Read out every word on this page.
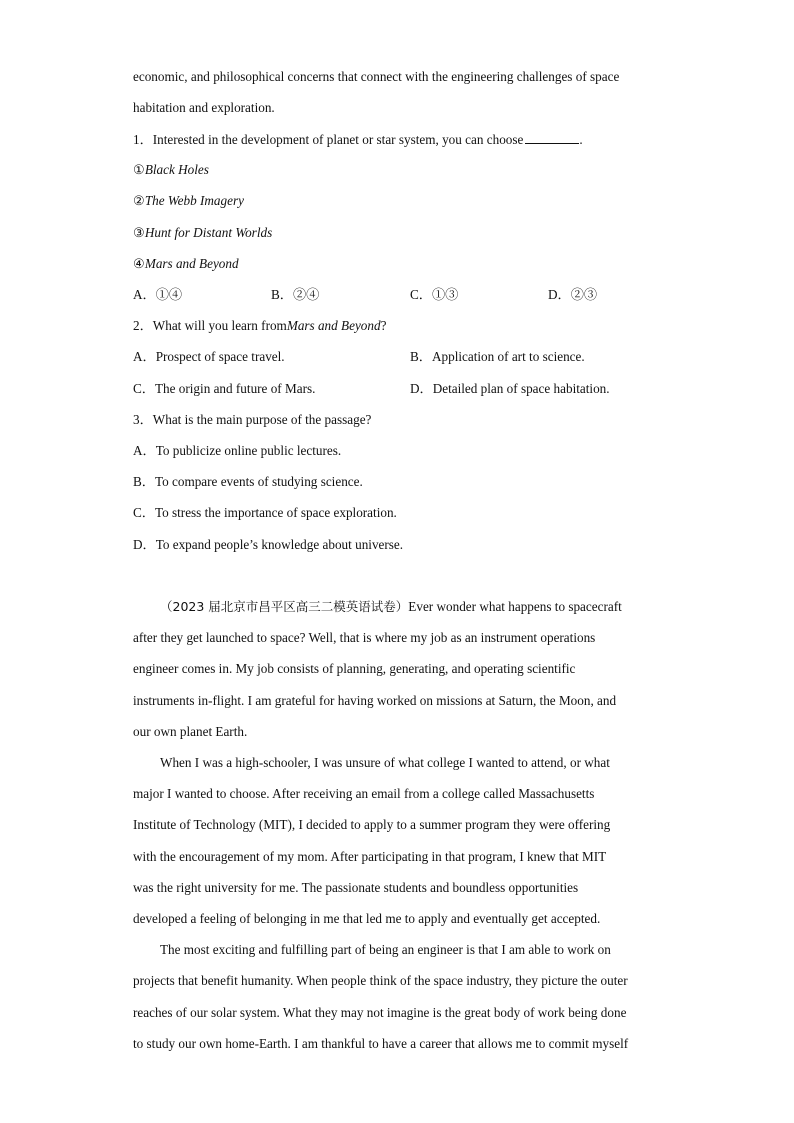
economic, and philosophical concerns that connect with the engineering challenges of space
habitation and exploration.
1．Interested in the development of planet or star system, you can choose	.
①Black Holes
②The Webb Imagery
③Hunt for Distant Worlds
④Mars and Beyond
A．①④	B．②④	C．①③	D．②③
2．What will you learn fromMars and Beyond?
A．Prospect of space travel.	B．Application of art to science.
C．The origin and future of Mars.	D．Detailed plan of space habitation.
3．What is the main purpose of the passage?
A．To publicize online public lectures.
B．To compare events of studying science.
C．To stress the importance of space exploration.
D．To expand people’s knowledge about universe.
（2023 届北京市昌平区高三二模英语试卷）Ever wonder what happens to spacecraft
after they get launched to space? Well, that is where my job as an instrument operations
engineer comes in. My job consists of planning, generating, and operating scientific
instruments in-flight. I am grateful for having worked on missions at Saturn, the Moon, and
our own planet Earth.
When I was a high-schooler, I was unsure of what college I wanted to attend, or what
major I wanted to choose. After receiving an email from a college called Massachusetts
Institute of Technology (MIT), I decided to apply to a summer program they were offering
with the encouragement of my mom. After participating in that program, I knew that MIT
was the right university for me. The passionate students and boundless opportunities
developed a feeling of belonging in me that led me to apply and eventually get accepted.
The most exciting and fulfilling part of being an engineer is that I am able to work on
projects that benefit humanity. When people think of the space industry, they picture the outer
reaches of our solar system. What they may not imagine is the great body of work being done
to study our own home-Earth. I am thankful to have a career that allows me to commit myself
